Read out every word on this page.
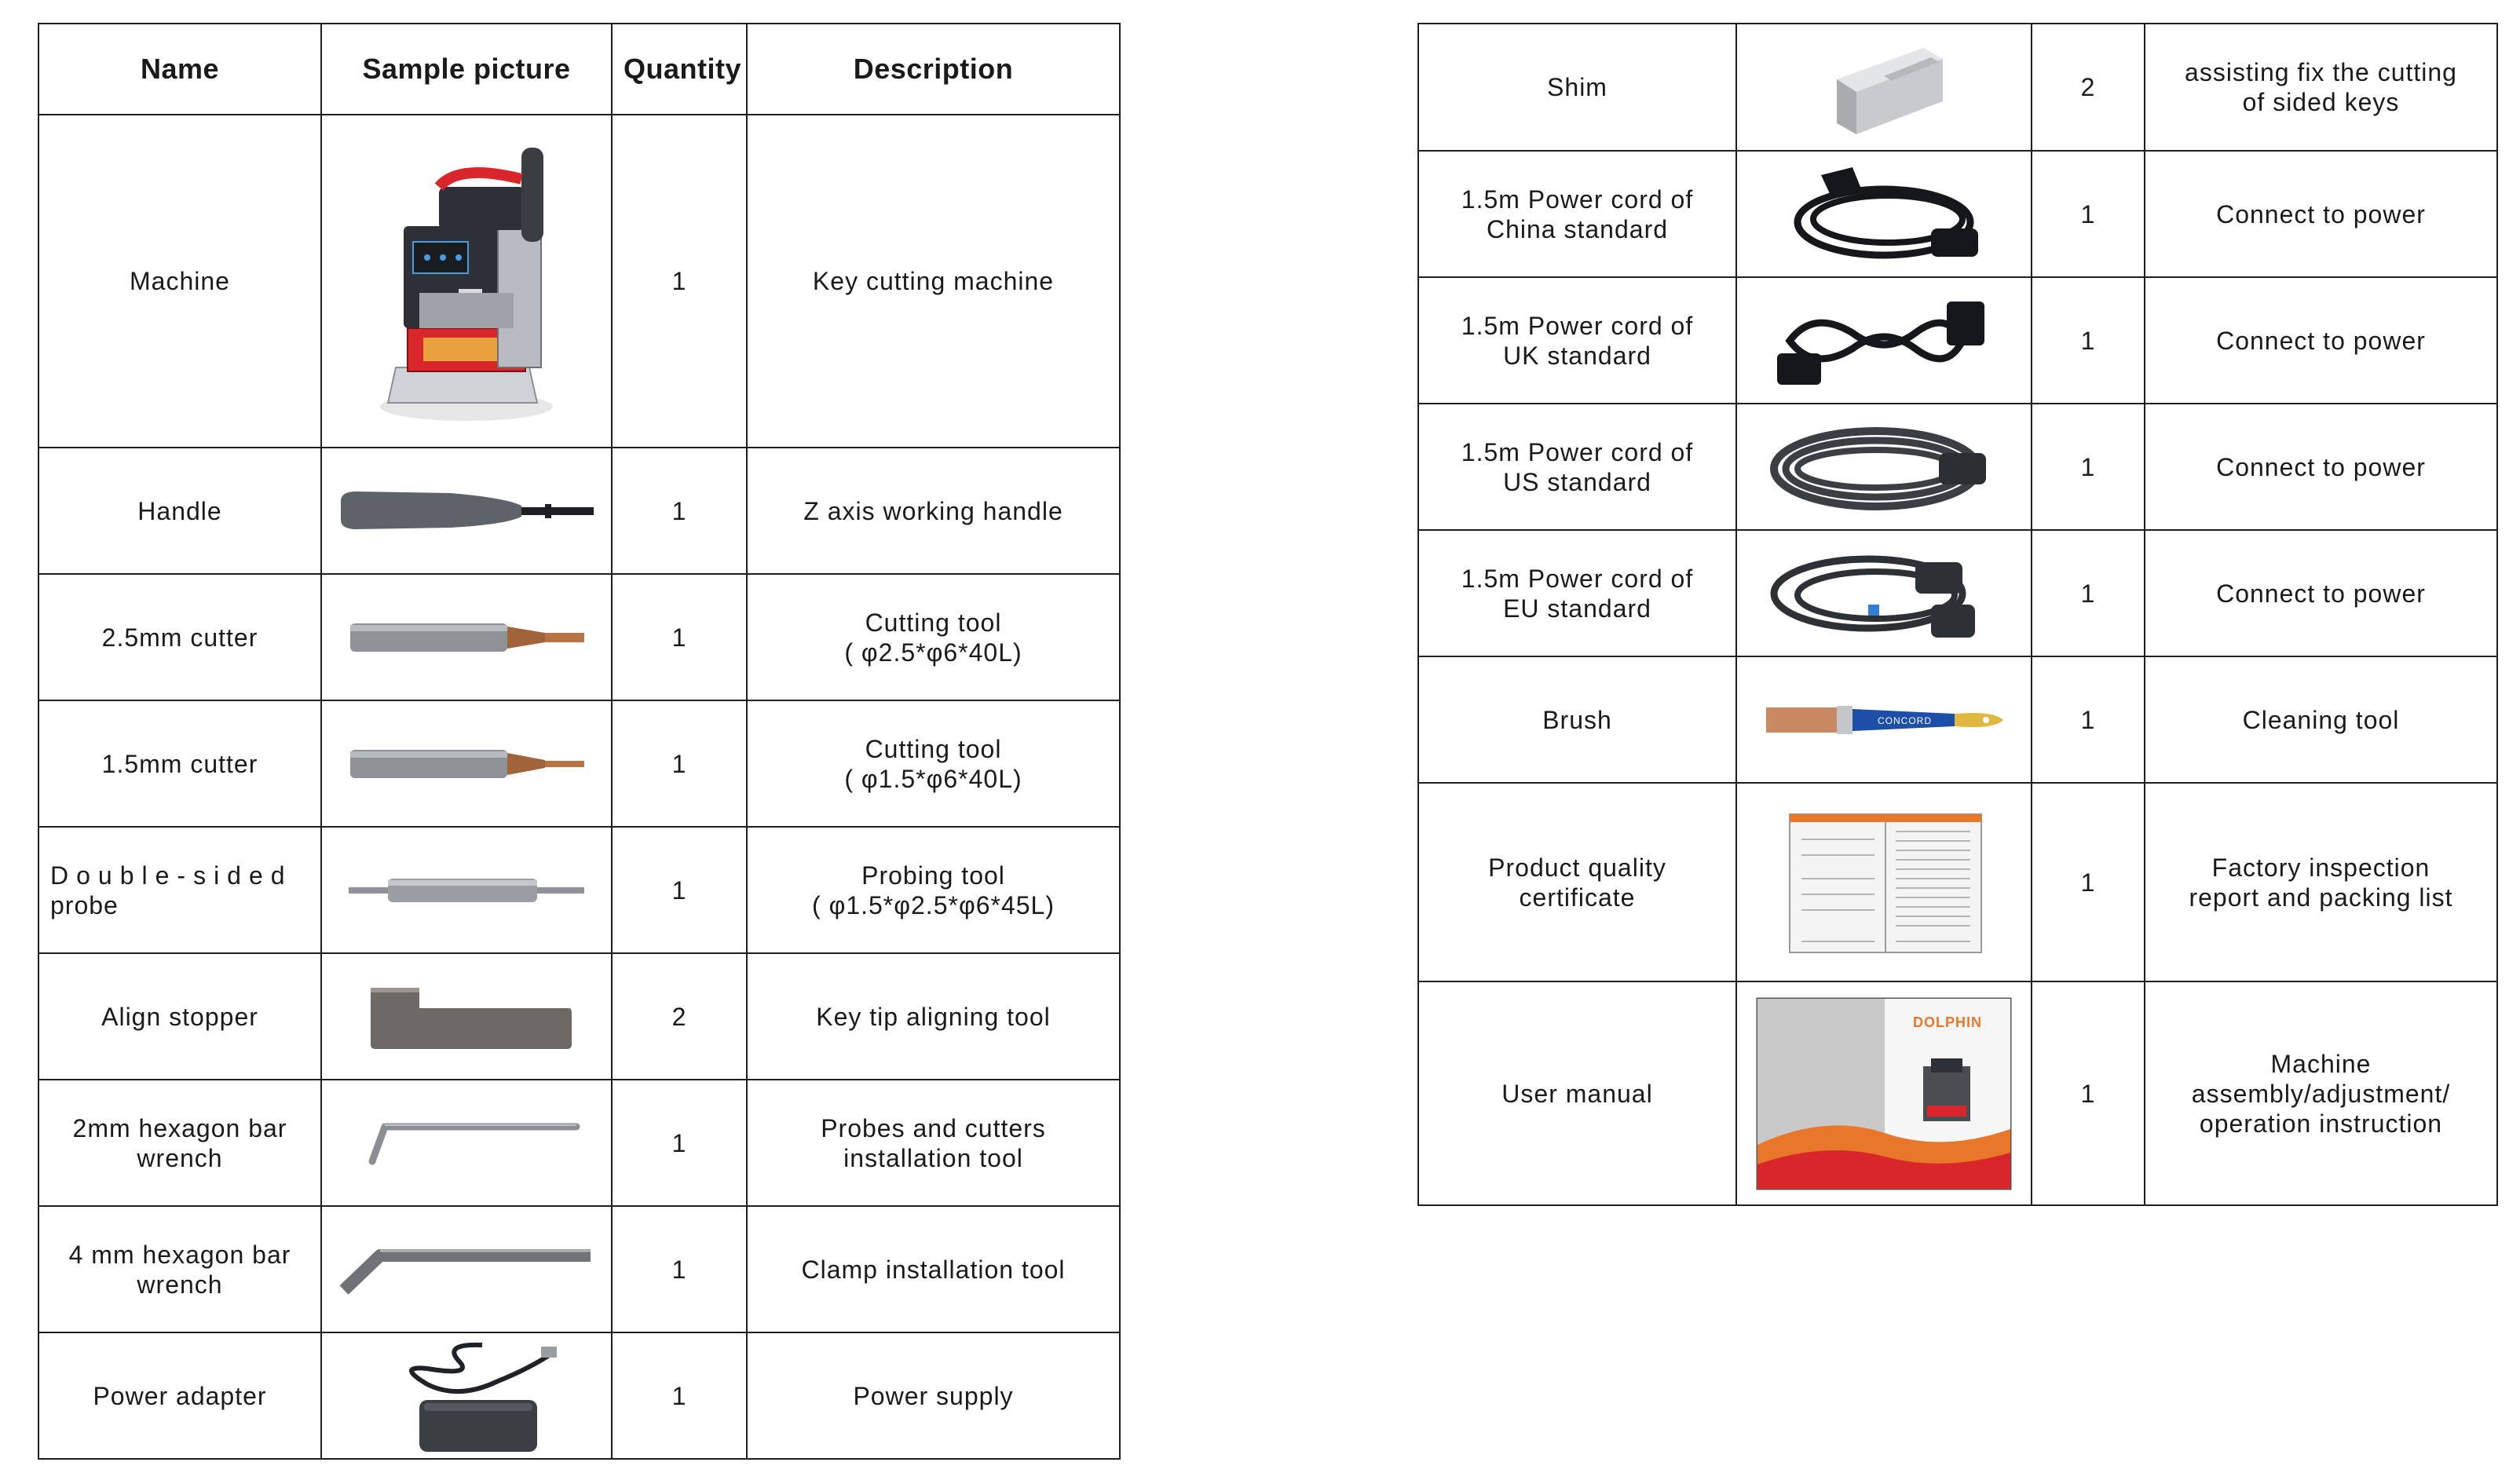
Name	Sample picture	Quantity	Description

Machine		1	Key cutting machine

Handle		1	Z axis working handle

2.5mm cutter		1	Cutting tool
( φ2.5*φ6*40L)

1.5mm cutter		1	Cutting tool
( φ1.5*φ6*40L)

Double-sided
probe		1	Probing tool
( φ1.5*φ2.5*φ6*45L)

Align stopper		2	Key tip aligning tool

2mm hexagon bar
wrench		1	Probes and cutters
installation tool

4 mm hexagon bar
wrench		1	Clamp installation tool

Power adapter		1	Power supply
Shim		2	assisting fix the cutting
of sided keys

1.5m Power cord of
China standard		1	Connect to power

1.5m Power cord of
UK standard		1	Connect to power

1.5m Power cord of
US standard		1	Connect to power

1.5m Power cord of
EU standard		1	Connect to power

Brush	CONCORD	1	Cleaning tool

Product quality
certificate		1	Factory inspection
report and packing list

User manual	DOLPHIN	1	Machine
assembly/adjustment/
operation instruction
